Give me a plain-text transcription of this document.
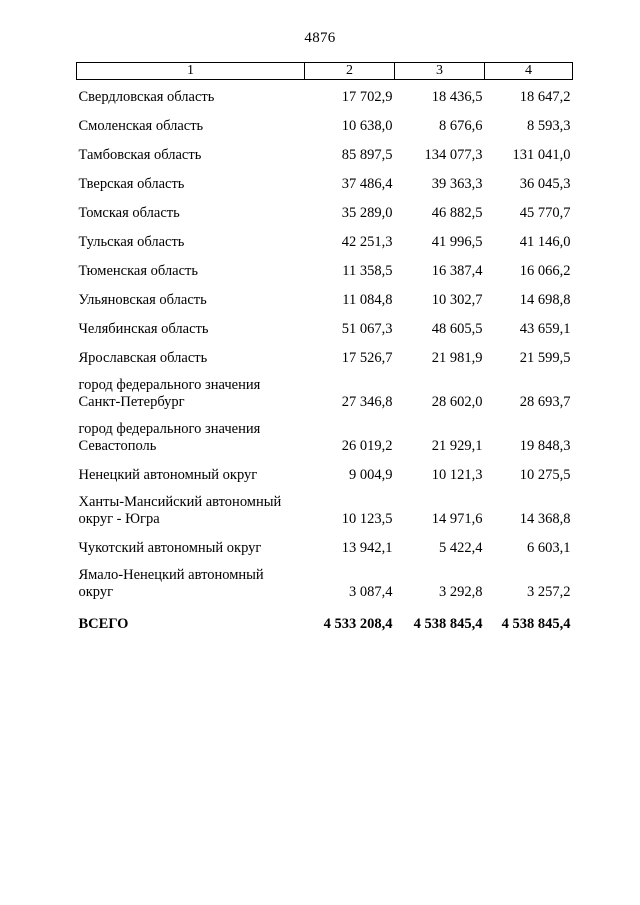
4876
1	2	3	4
Свердловская область	17 702,9	18 436,5	18 647,2
Смоленская область	10 638,0	8 676,6	8 593,3
Тамбовская область	85 897,5	134 077,3	131 041,0
Тверская область	37 486,4	39 363,3	36 045,3
Томская область	35 289,0	46 882,5	45 770,7
Тульская область	42 251,3	41 996,5	41 146,0
Тюменская область	11 358,5	16 387,4	16 066,2
Ульяновская область	11 084,8	10 302,7	14 698,8
Челябинская область	51 067,3	48 605,5	43 659,1
Ярославская область	17 526,7	21 981,9	21 599,5
город федерального значения
Санкт-Петербург	27 346,8	28 602,0	28 693,7
город федерального значения
Севастополь	26 019,2	21 929,1	19 848,3
Ненецкий автономный округ	9 004,9	10 121,3	10 275,5
Ханты-Мансийский автономный
округ - Югра	10 123,5	14 971,6	14 368,8
Чукотский автономный округ	13 942,1	5 422,4	6 603,1
Ямало-Ненецкий автономный
округ	3 087,4	3 292,8	3 257,2
ВСЕГО	4 533 208,4	4 538 845,4	4 538 845,4
